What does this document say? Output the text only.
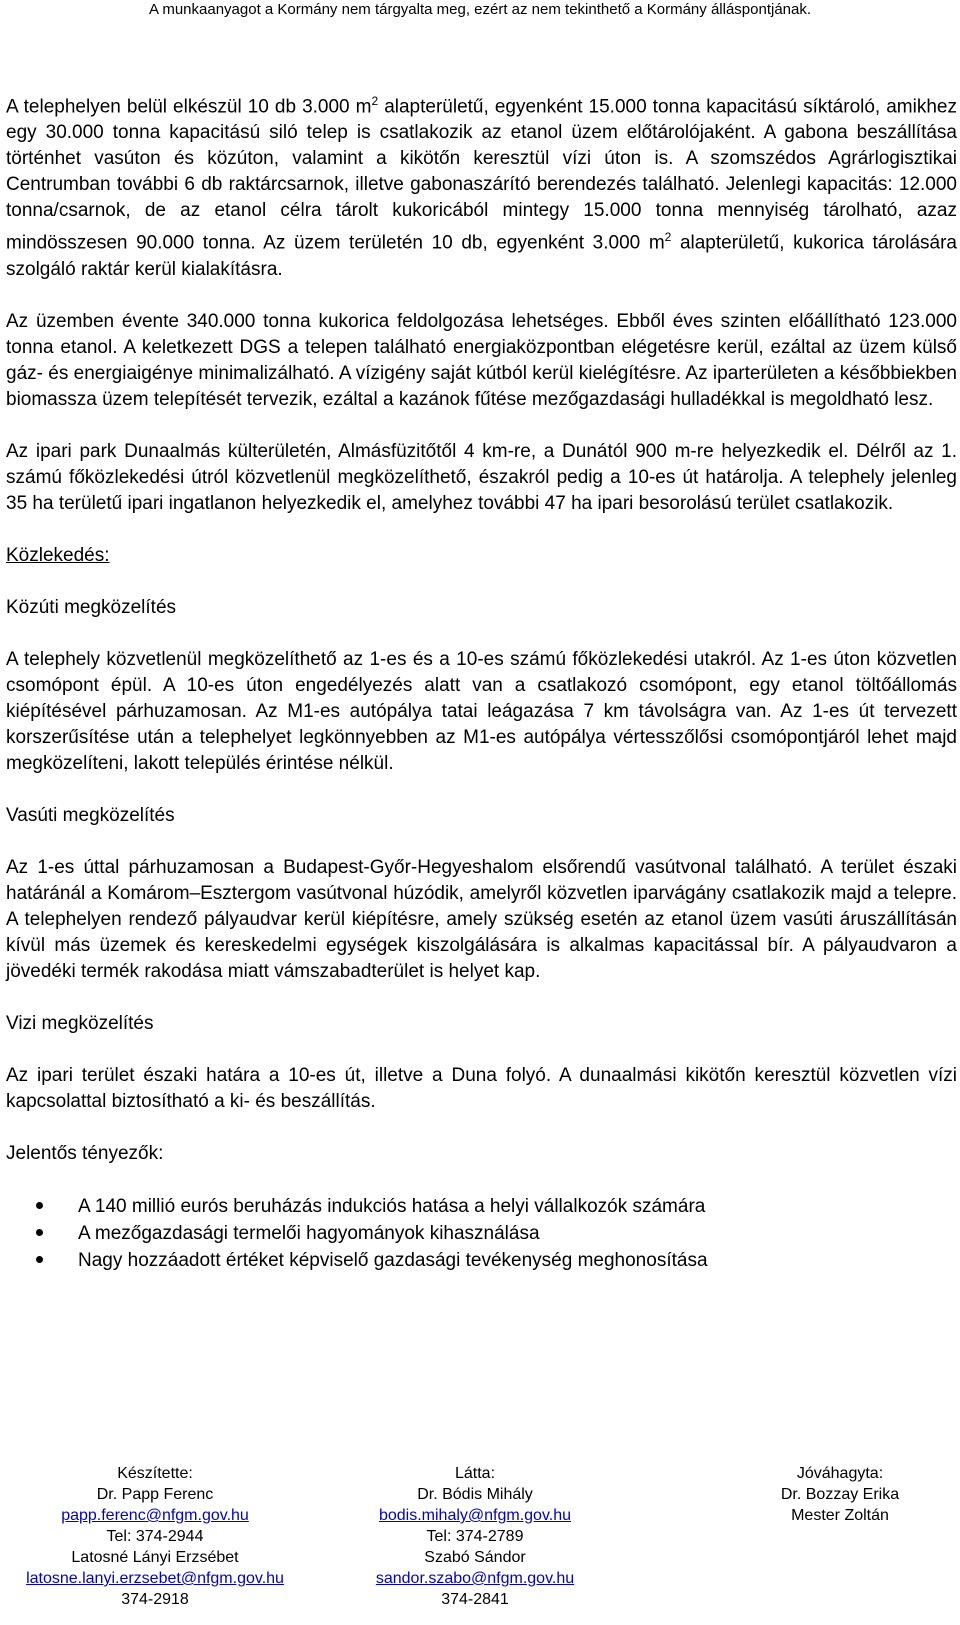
A munkaanyagot a Kormány nem tárgyalta meg, ezért az nem tekinthető a Kormány álláspontjának.

A telephelyen belül elkészül 10 db 3.000 $m^2$ alapterületű, egyenként 15.000 tonna kapacitású síktároló, amikhez egy 30.000 tonna kapacitású siló telep is csatlakozik az etanol üzem előtárolójaként. A gabona beszállítása történhet vasúton és közúton, valamint a kikötőn keresztül vízi úton is. A szomszédos Agrárlogisztikai Centrumban további 6 db raktárcsarnok, illetve gabonaszárító berendezés található. Jelenlegi kapacitás: 12.000 tonna/csarnok, de az etanol célra tárolt kukoricából mintegy 15.000 tonna mennyiség tárolható, azaz mindösszesen 90.000 tonna. Az üzem területén 10 db, egyenként 3.000 $m^2$ alapterületű, kukorica tárolására szolgáló raktár kerül kialakításra.

Az üzemben évente 340.000 tonna kukorica feldolgozása lehetséges. Ebből éves szinten előállítható 123.000 tonna etanol. A keletkezett DGS a telepen található energiaközpontban elégetésre kerül, ezáltal az üzem külső gáz- és energiaigénye minimalizálható. A vízigény saját kútból kerül kielégítésre. Az iparterületen a későbbiekben biomassza üzem telepítését tervezik, ezáltal a kazánok fűtése mezőgazdasági hulladékkal is megoldható lesz.

Az ipari park Dunaalmás külterületén, Almásfüzitőtől 4 km-re, a Dunától 900 m-re helyezkedik el. Délről az 1. számú főközlekedési útról közvetlenül megközelíthető, északról pedig a 10-es út határolja. A telephely jelenleg 35 ha területű ipari ingatlanon helyezkedik el, amelyhez további 47 ha ipari besorolású terület csatlakozik.

Közlekedés:

Közúti megközelítés

A telephely közvetlenül megközelíthető az 1-es és a 10-es számú főközlekedési utakról. Az 1-es úton közvetlen csomópont épül. A 10-es úton engedélyezés alatt van a csatlakozó csomópont, egy etanol töltőállomás kiépítésével párhuzamosan. Az M1-es autópálya tatai leágazása 7 km távolságra van. Az 1-es út tervezett korszerűsítése után a telephelyet legkönnyebben az M1-es autópálya vértesszőlősi csomópontjáról lehet majd megközelíteni, lakott település érintése nélkül.

Vasúti megközelítés

Az 1-es úttal párhuzamosan a Budapest-Győr-Hegyeshalom elsőrendű vasútvonal található. A terület északi határánál a Komárom–Esztergom vasútvonal húzódik, amelyről közvetlen iparvágány csatlakozik majd a telepre. A telephelyen rendező pályaudvar kerül kiépítésre, amely szükség esetén az etanol üzem vasúti áruszállításán kívül más üzemek és kereskedelmi egységek kiszolgálására is alkalmas kapacitással bír. A pályaudvaron a jövedéki termék rakodása miatt vámszabadterület is helyet kap.

Vizi megközelítés

Az ipari terület északi határa a 10-es út, illetve a Duna folyó. A dunaalmási kikötőn keresztül közvetlen vízi kapcsolattal biztosítható a ki- és beszállítás.

Jelentős tényezők:

A 140 millió eurós beruházás indukciós hatása a helyi vállalkozók számára
A mezőgazdasági termelői hagyományok kihasználása
Nagy hozzáadott értéket képviselő gazdasági tevékenység meghonosítása
Készítette:
Dr. Papp Ferenc
papp.ferenc@nfgm.gov.hu
Tel: 374-2944
Latosné Lányi Erzsébet
latosne.lanyi.erzsebet@nfgm.gov.hu
374-2918
Látta:
Dr. Bódis Mihály
bodis.mihaly@nfgm.gov.hu
Tel: 374-2789
Szabó Sándor
sandor.szabo@nfgm.gov.hu
374-2841
Jóváhagyta:
Dr. Bozzay Erika
Mester Zoltán
